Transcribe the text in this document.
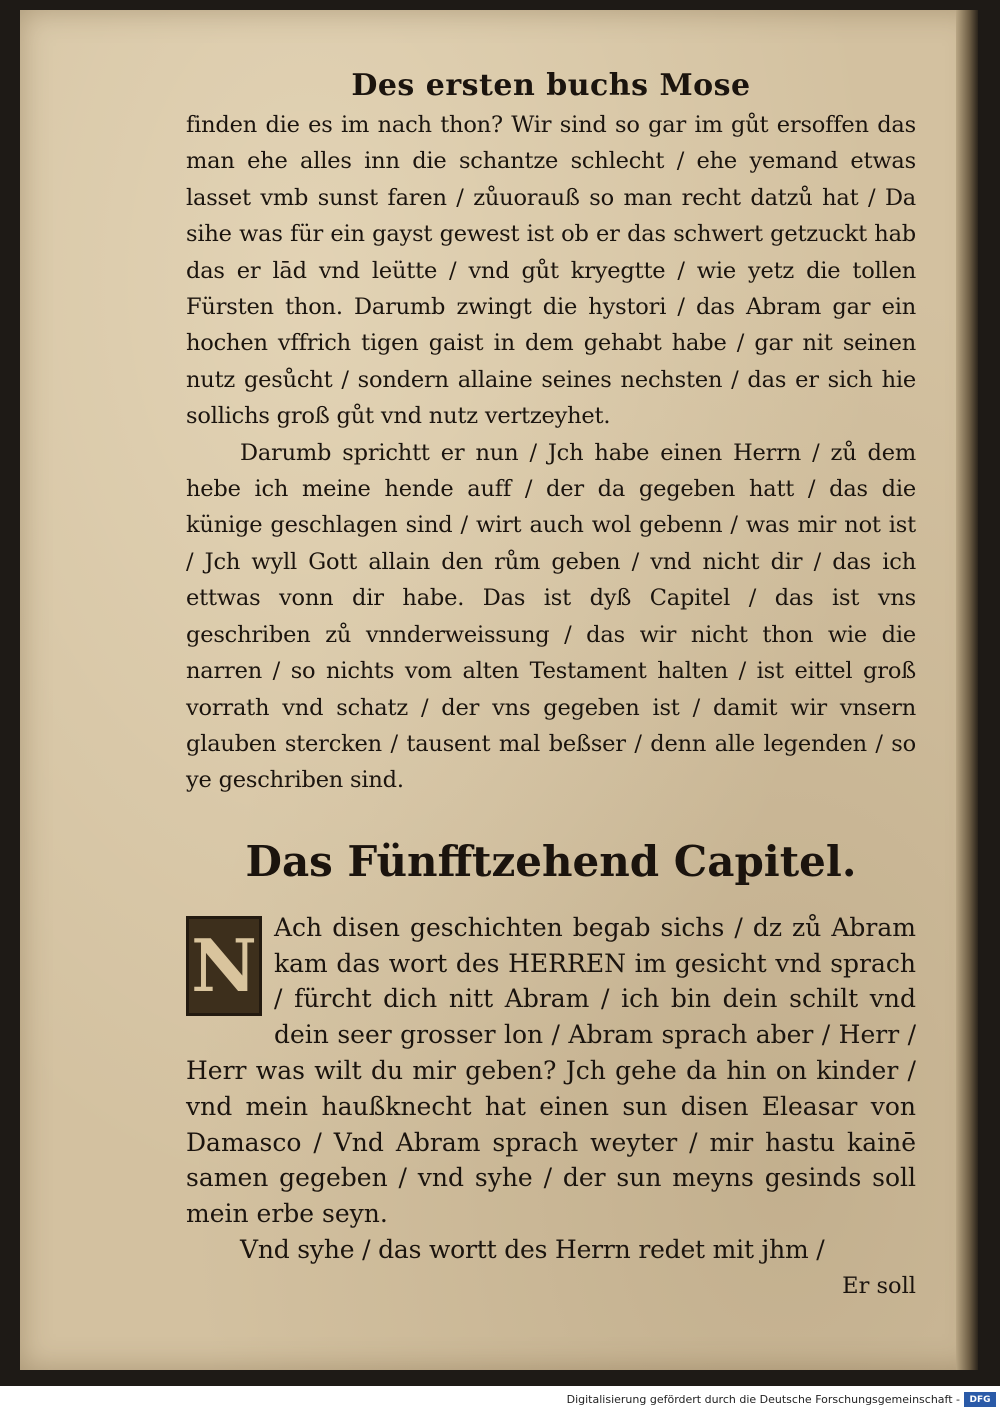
Des ersten buchs Mose

finden die es im nach thon? Wir sind so gar im gůt ersoffen das man ehe alles inn die schantze schlecht / ehe yemand etwas lasset vmb sunst faren / zůuorauß so man recht datzů hat / Da sihe was für ein gayst gewest ist ob er das schwert getzuckt hab das er lād vnd leütte / vnd gůt kryegtte / wie yetz die tollen Fürsten thon. Darumb zwingt die hystori / das Abram gar ein hochen vffrich tigen gaist in dem gehabt habe / gar nit seinen nutz gesůcht / sondern allaine seines nechsten / das er sich hie sollichs groß gůt vnd nutz vertzeyhet.

Darumb sprichtt er nun / Jch habe einen Herrn / zů dem hebe ich meine hende auff / der da gegeben hatt / das die künige geschlagen sind / wirt auch wol gebenn / was mir not ist / Jch wyll Gott allain den rům geben / vnd nicht dir / das ich ettwas vonn dir habe. Das ist dyß Capitel / das ist vns geschriben zů vnnderweissung / das wir nicht thon wie die narren / so nichts vom alten Testament halten / ist eittel groß vorrath vnd schatz / der vns gegeben ist / damit wir vnsern glauben stercken / tausent mal beßser / denn alle legenden / so ye geschriben sind.

Das Fünfftzehend Capitel.
N Ach disen geschichten begab sichs / dz zů Abram kam das wort des HERREN im gesicht vnd sprach / fürcht dich nitt Abram / ich bin dein schilt vnd dein seer grosser lon / Abram sprach aber / Herr / Herr was wilt du mir geben? Jch gehe da hin on kinder / vnd mein haußknecht hat einen sun disen Eleasar von Damasco / Vnd Abram sprach weyter / mir hastu kainē samen gegeben / vnd syhe / der sun meyns gesinds soll mein erbe seyn.

Vnd syhe / das wortt des Herrn redet mit jhm /

Er soll

Digitalisierung gefördert durch die Deutsche Forschungsgemeinschaft -	DFG
